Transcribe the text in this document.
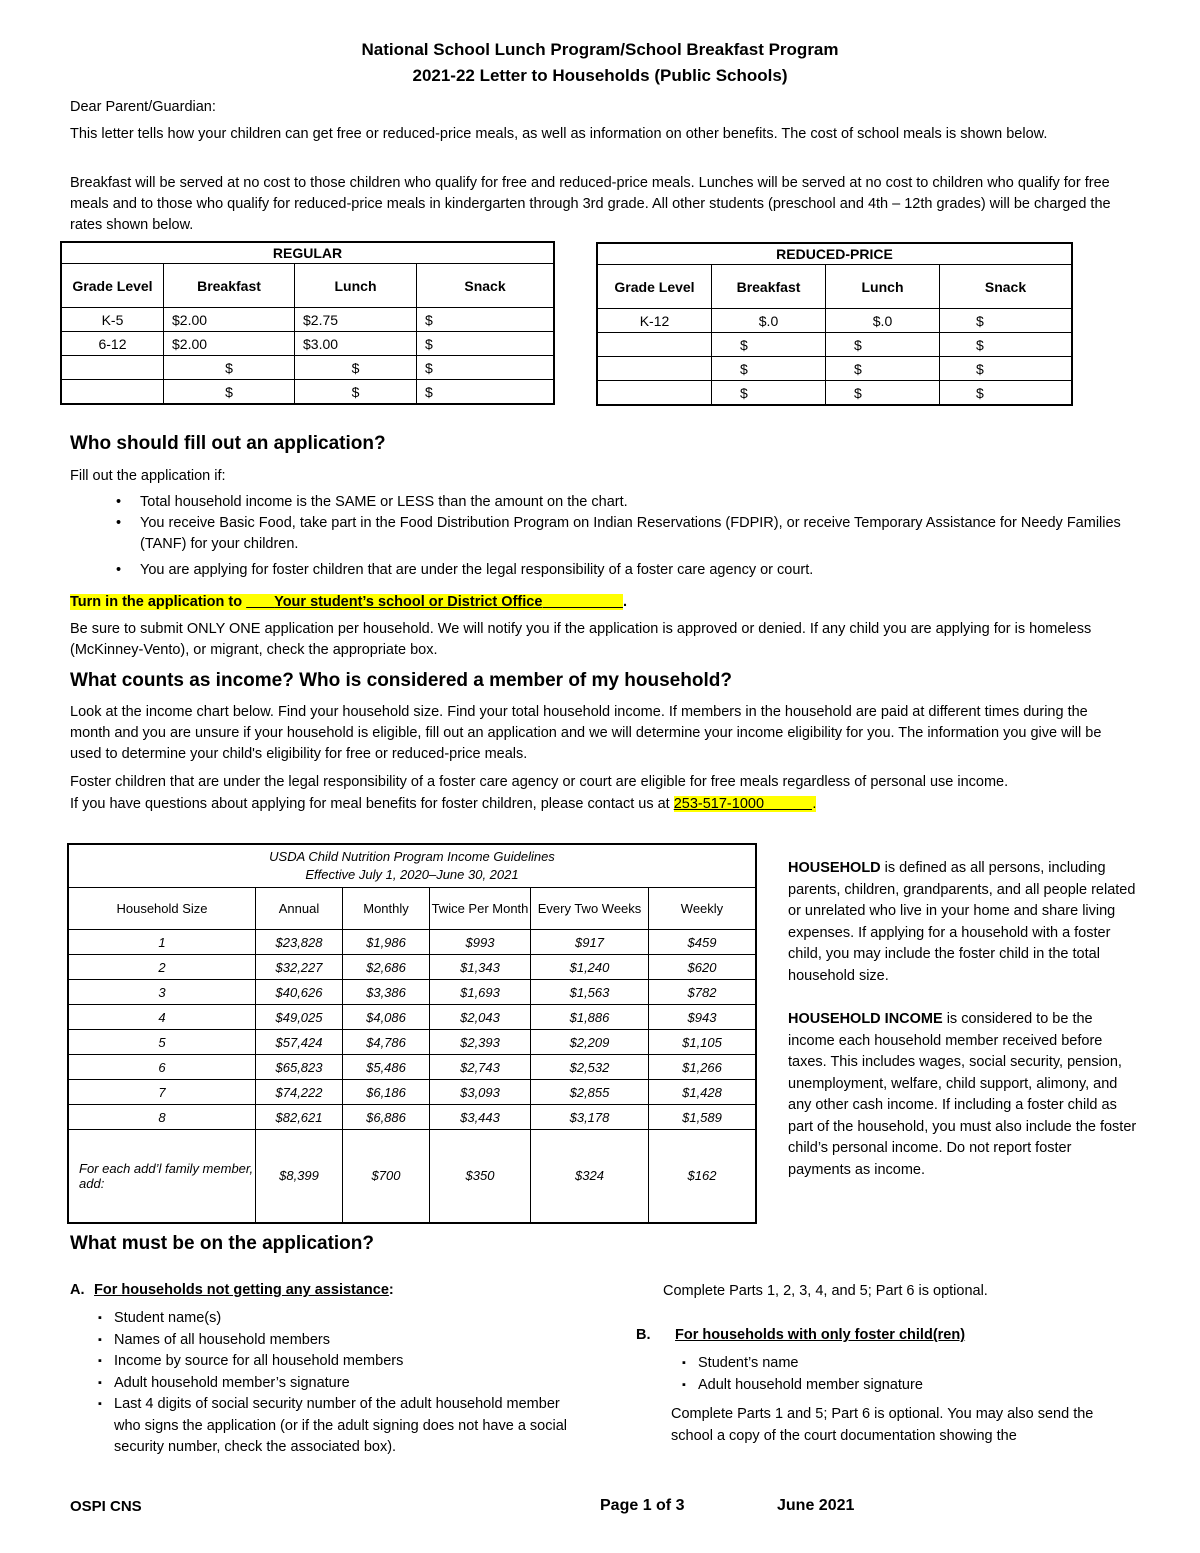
National School Lunch Program/School Breakfast Program
2021-22 Letter to Households (Public Schools)
Dear Parent/Guardian:
This letter tells how your children can get free or reduced-price meals, as well as information on other benefits. The cost of school meals is shown below.
Breakfast will be served at no cost to those children who qualify for free and reduced-price meals. Lunches will be served at no cost to children who qualify for free meals and to those who qualify for reduced-price meals in kindergarten through 3rd grade. All other students (preschool and 4th – 12th grades) will be charged the rates shown below.
REGULAR			
Grade Level	Breakfast	Lunch	Snack
K-5	$2.00	$2.75	$
6-12	$2.00	$3.00	$
	$	$	$
	$	$	$
REDUCED-PRICE			
Grade Level	Breakfast	Lunch	Snack
K-12	$.0	$.0	$
	$	$	$
	$	$	$
	$	$	$
Who should fill out an application?
Fill out the application if:
• Total household income is the SAME or LESS than the amount on the chart.
• You receive Basic Food, take part in the Food Distribution Program on Indian Reservations (FDPIR), or receive Temporary Assistance for Needy Families (TANF) for your children.
• You are applying for foster children that are under the legal responsibility of a foster care agency or court.
Turn in the application to        Your student’s school or District Office	.
Be sure to submit ONLY ONE application per household. We will notify you if the application is approved or denied. If any child you are applying for is homeless (McKinney-Vento), or migrant, check the appropriate box.
What counts as income? Who is considered a member of my household?
Look at the income chart below. Find your household size. Find your total household income. If members in the household are paid at different times during the month and you are unsure if your household is eligible, fill out an application and we will determine your income eligibility for you. The information you give will be used to determine your child's eligibility for free or reduced-price meals.
Foster children that are under the legal responsibility of a foster care agency or court are eligible for free meals regardless of personal use income.
If you have questions about applying for meal benefits for foster children, please contact us at 253-517-1000	.
USDA Child Nutrition Program Income Guidelines
Effective July 1, 2020–June 30, 2021					

Household Size	Annual	Monthly	Twice Per Month	Every Two Weeks	Weekly
1	$23,828	$1,986	$993	$917	$459
2	$32,227	$2,686	$1,343	$1,240	$620
3	$40,626	$3,386	$1,693	$1,563	$782
4	$49,025	$4,086	$2,043	$1,886	$943
5	$57,424	$4,786	$2,393	$2,209	$1,105
6	$65,823	$5,486	$2,743	$2,532	$1,266
7	$74,222	$6,186	$3,093	$2,855	$1,428
8	$82,621	$6,886	$3,443	$3,178	$1,589
For each add’l family member, add:	$8,399	$700	$350	$324	$162
HOUSEHOLD is defined as all persons, including parents, children, grandparents, and all people related or unrelated who live in your home and share living expenses. If applying for a household with a foster child, you may include the foster child in the total household size.
HOUSEHOLD INCOME is considered to be the income each household member received before taxes. This includes wages, social security, pension, unemployment, welfare, child support, alimony, and any other cash income. If including a foster child as part of the household, you must also include the foster child’s personal income. Do not report foster payments as income.
What must be on the application?
A. For households not getting any assistance:
▪ Student name(s)
▪ Names of all household members
▪ Income by source for all household members
▪ Adult household member’s signature
▪ Last 4 digits of social security number of the adult household member who signs the application (or if the adult signing does not have a social security number, check the associated box).
Complete Parts 1, 2, 3, 4, and 5; Part 6 is optional.
B. For households with only foster child(ren)
▪ Student’s name
▪ Adult household member signature
Complete Parts 1 and 5; Part 6 is optional. You may also send the school a copy of the court documentation showing the
OSPI CNS	Page 1 of 3	June 2021
